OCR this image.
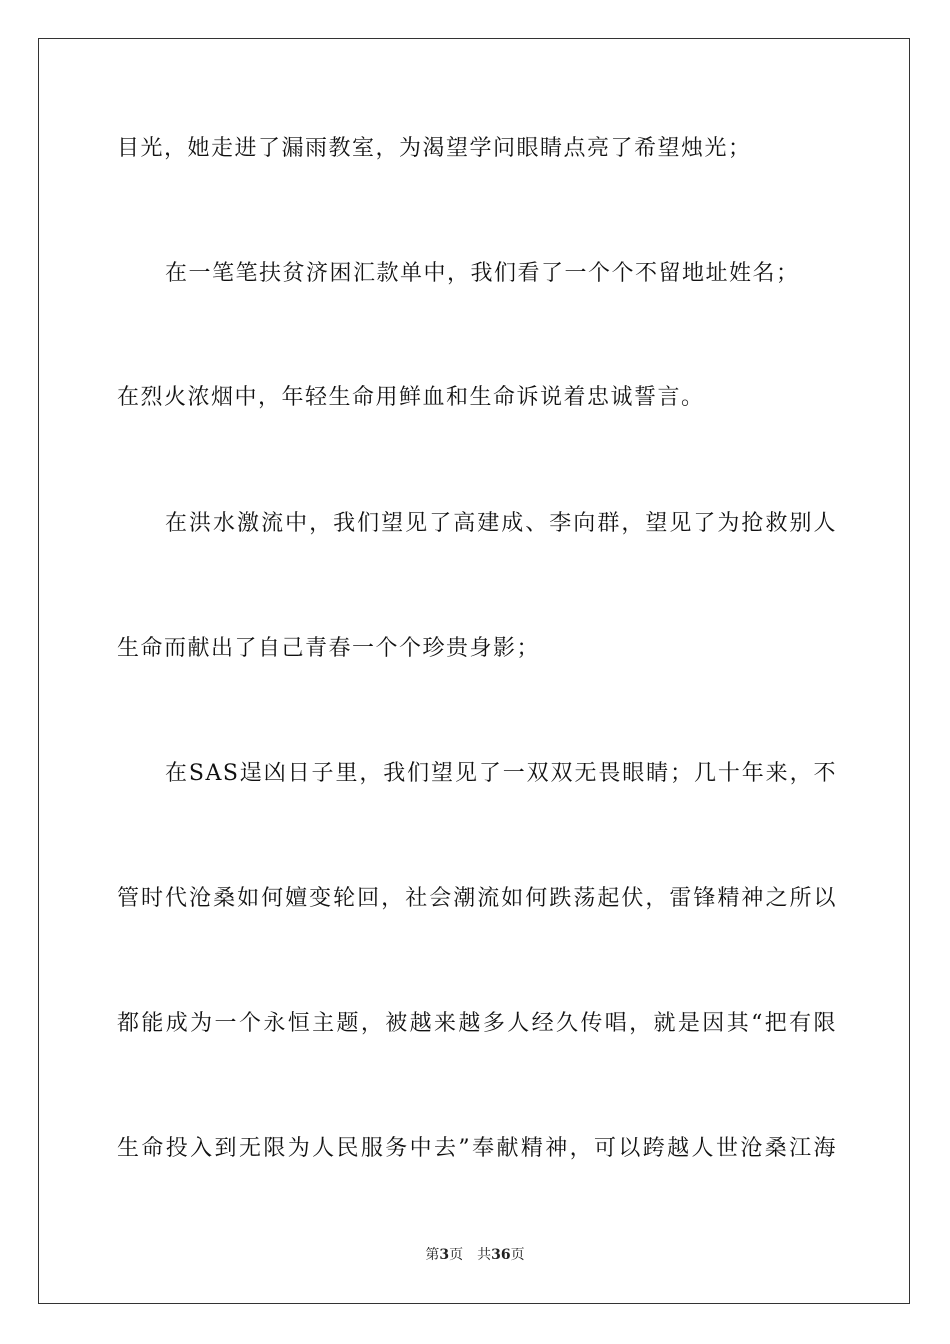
目光，她走进了漏雨教室，为渴望学问眼睛点亮了希望烛光；
在一笔笔扶贫济困汇款单中，我们看了一个个不留地址姓名；
在烈火浓烟中，年轻生命用鲜血和生命诉说着忠诚誓言。
在洪水激流中，我们望见了高建成、李向群，望见了为抢救别人
生命而献出了自己青春一个个珍贵身影；
在SAS逞凶日子里，我们望见了一双双无畏眼睛；几十年来，不
管时代沧桑如何嬗变轮回，社会潮流如何跌荡起伏，雷锋精神之所以
都能成为一个永恒主题，被越来越多人经久传唱，就是因其“把有限
生命投入到无限为人民服务中去”奉献精神，可以跨越人世沧桑江海
第3页 共36页
